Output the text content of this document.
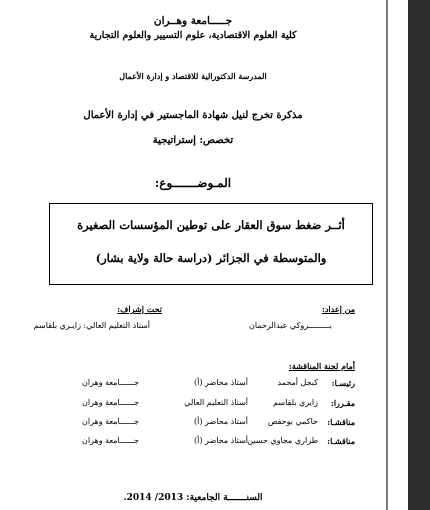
جـــــامعة وهــران
كلية العلوم الاقتصادية، علوم التسيير والعلوم التجارية
المدرسة الدكتورالية للاقتصاد و إدارة الأعمال
مذكرة تخرج لنيل شهادة الماجستير في إدارة الأعمال
تخصص: إستراتيجية
المـوضـــــــوع:
أثــر ضغط سوق العقار على توطين المؤسسات الصغيرة
والمتوسطة في الجزائر (دراسة حالة ولاية بشار)
من إعداد:
بـــــــــروكي عبدالرحمان
تحت إشراف:
أستاذ التعليم العالي: زايـري بلقاسم
أمام لجنة المناقشة:
رئيسـا:
كبجل أمحمد
أستاذ محاضر (أ)
جــــــامعة وهران
مقـررا:
زايري بلقاسم
أستاذ التعليم العالي
جــــــامعة وهران
مناقشـا:
حاكمي بوحفص
أستاذ محاضر (أ)
جــــــامعة وهران
مناقشـا:
طراري مجاوي حسين
أستاذ محاضر (أ)
جــــــامعة وهران
السنـــــــة الجامعية: 2013/ 2014.
